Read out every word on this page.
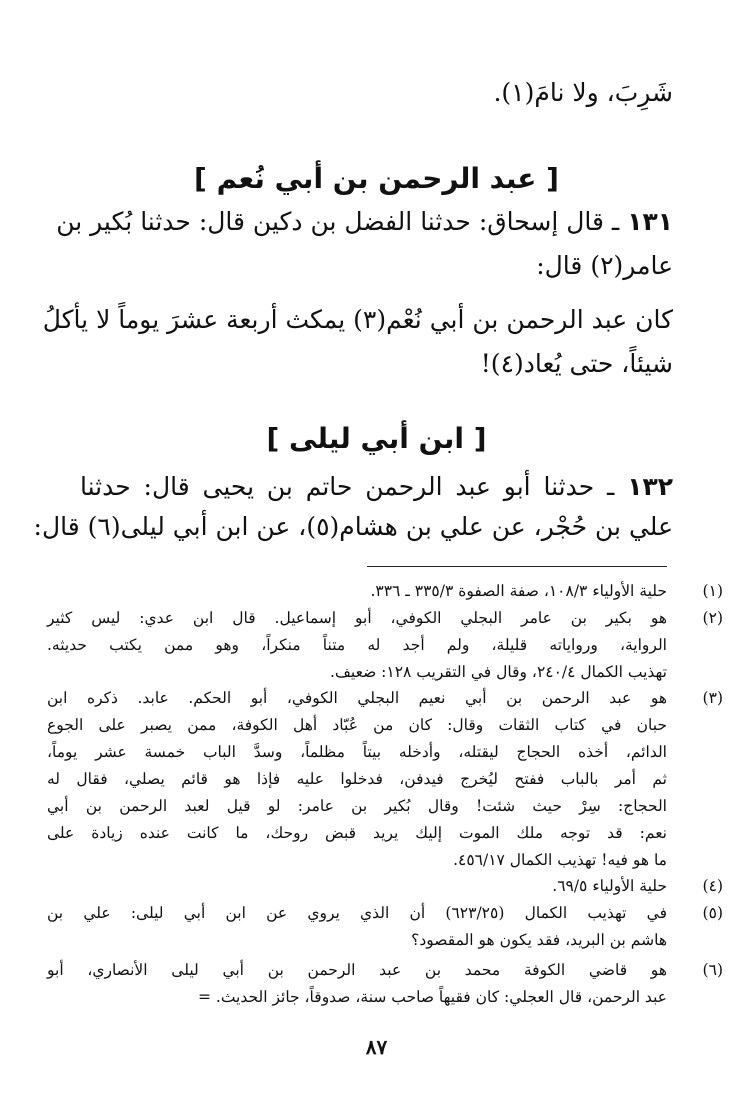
شَرِبَ، ولا نامَ(١).
[ عبد الرحمن بن أبي نُعم ]
١٣١ ـ قال إسحاق: حدثنا الفضل بن دكين قال: حدثنا بُكير بن
عامر(٢) قال:
كان عبد الرحمن بن أبي نُعْم(٣) يمكث أربعة عشرَ يوماً لا يأكلُ
شيئاً، حتى يُعاد(٤)!
[ ابن أبي ليلى ]
١٣٢ ـ حدثنا أبو عبد الرحمن حاتم بن يحيى قال: حدثنا
علي بن حُجْر، عن علي بن هشام(٥)، عن ابن أبي ليلى(٦) قال:
(١)
حلية الأولياء ١٠٨/٣، صفة الصفوة ٣٣٥/٣ ـ ٣٣٦.
(٢)
هو بكير بن عامر البجلي الكوفي، أبو إسماعيل. قال ابن عدي: ليس كثير
الرواية، ورواياته قليلة، ولم أجد له متناً منكراً، وهو ممن يكتب حديثه.
تهذيب الكمال ٢٤٠/٤، وقال في التقريب ١٢٨: ضعيف.
(٣)
هو عبد الرحمن بن أبي نعيم البجلي الكوفي، أبو الحكم. عابد. ذكره ابن
حبان في كتاب الثقات وقال: كان من عُبّاد أهل الكوفة، ممن يصبر على الجوع
الدائم، أخذه الحجاج ليقتله، وأدخله بيتاً مظلماً، وسدَّ الباب خمسة عشر يوماً،
ثم أمر بالباب ففتح ليُخرج فيدفن، فدخلوا عليه فإذا هو قائم يصلي، فقال له
الحجاج: سِرْ حيث شئت! وقال بُكير بن عامر: لو قيل لعبد الرحمن بن أبي
نعم: قد توجه ملك الموت إليك يريد قبض روحك، ما كانت عنده زيادة على
ما هو فيه! تهذيب الكمال ٤٥٦/١٧.
(٤)
حلية الأولياء ٦٩/٥.
(٥)
في تهذيب الكمال (٦٢٣/٢٥) أن الذي يروي عن ابن أبي ليلى: علي بن
هاشم بن البريد، فقد يكون هو المقصود؟
(٦)
هو قاضي الكوفة محمد بن عبد الرحمن بن أبي ليلى الأنصاري، أبو
عبد الرحمن، قال العجلي: كان فقيهاً صاحب سنة، صدوقاً، جائز الحديث. =
٨٧
